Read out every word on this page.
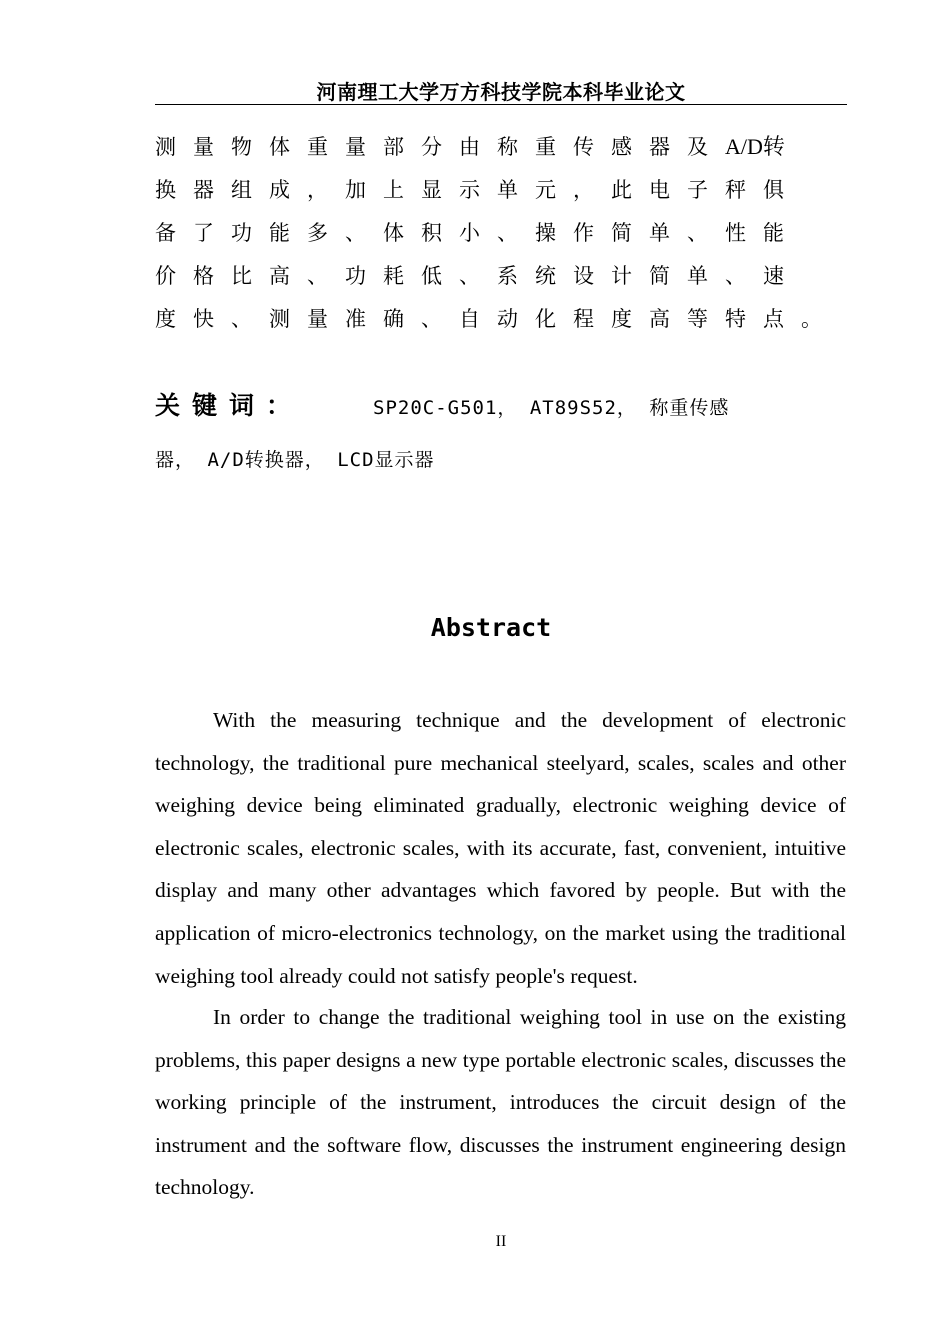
河南理工大学万方科技学院本科毕业论文
测量物体重量部分由称重传感器及A/D转
换器组成，加上显示单元，此电子秤俱
备了功能多、体积小、操作简单、性能
价格比高、功耗低、系统设计简单、速
度快、测量准确、自动化程度高等特点。
关键词：	SP20C-G501， AT89S52， 称重传感
器， A/D转换器， LCD显示器
Abstract

With the measuring technique and the development of electronic technology, the traditional pure mechanical steelyard, scales, scales and other weighing device being eliminated gradually, electronic weighing device of electronic scales, electronic scales, with its accurate, fast, convenient, intuitive display and many other advantages which favored by people. But with the application of micro-electronics technology, on the market using the traditional weighing tool already could not satisfy people's request.

In order to change the traditional weighing tool in use on the existing problems, this paper designs a new type portable electronic scales, discusses the working principle of the instrument, introduces the circuit design of the instrument and the software flow, discusses the instrument engineering design technology.

II
